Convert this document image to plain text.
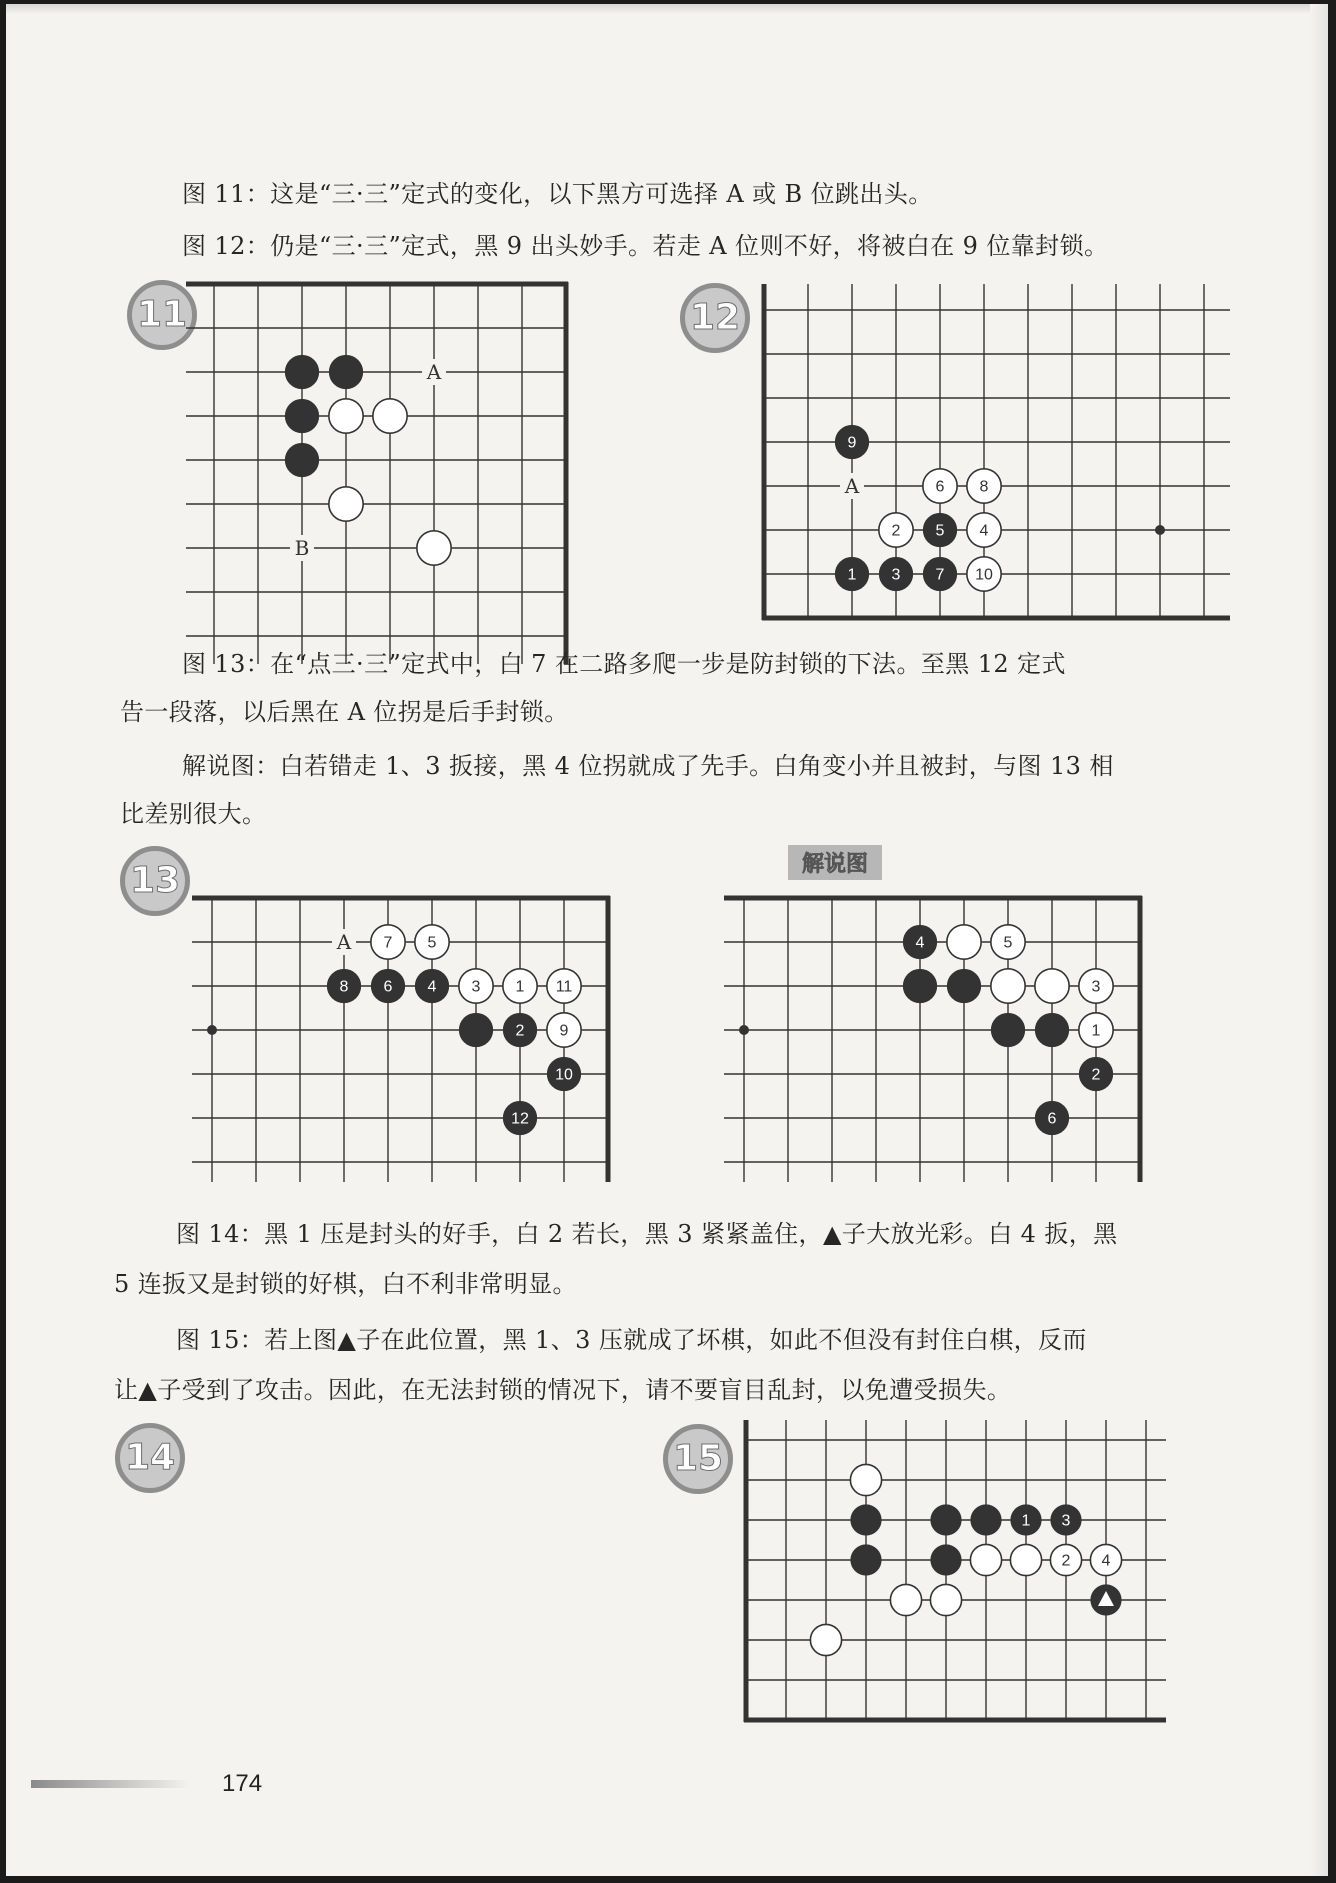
图 11：这是“三·三”定式的变化，以下黑方可选择 A 或 B 位跳出头。

图 12：仍是“三·三”定式，黑 9 出头妙手。若走 A 位则不好，将被白在 9 位靠封锁。

11
A
B
12
A
9
6 8
2 5 4
1 3 7 10

图 13：在“点三·三”定式中，白 7 在二路多爬一步是防封锁的下法。至黑 12 定式

告一段落，以后黑在 A 位拐是后手封锁。

解说图：白若错走 1、3 扳接，黑 4 位拐就成了先手。白角变小并且被封，与图 13 相

比差别很大。

13
A 7 5
8 6 4 3 1 11
2 9
10
12
解说图
4	5
3
1
2
6

图 14：黑 1 压是封头的好手，白 2 若长，黑 3 紧紧盖住，▲子大放光彩。白 4 扳，黑

5 连扳又是封锁的好棋，白不利非常明显。

图 15：若上图▲子在此位置，黑 1、3 压就成了坏棋，如此不但没有封住白棋，反而

让▲子受到了攻击。因此，在无法封锁的情况下，请不要盲目乱封，以免遭受损失。

14	15
1 3
2 4
174
